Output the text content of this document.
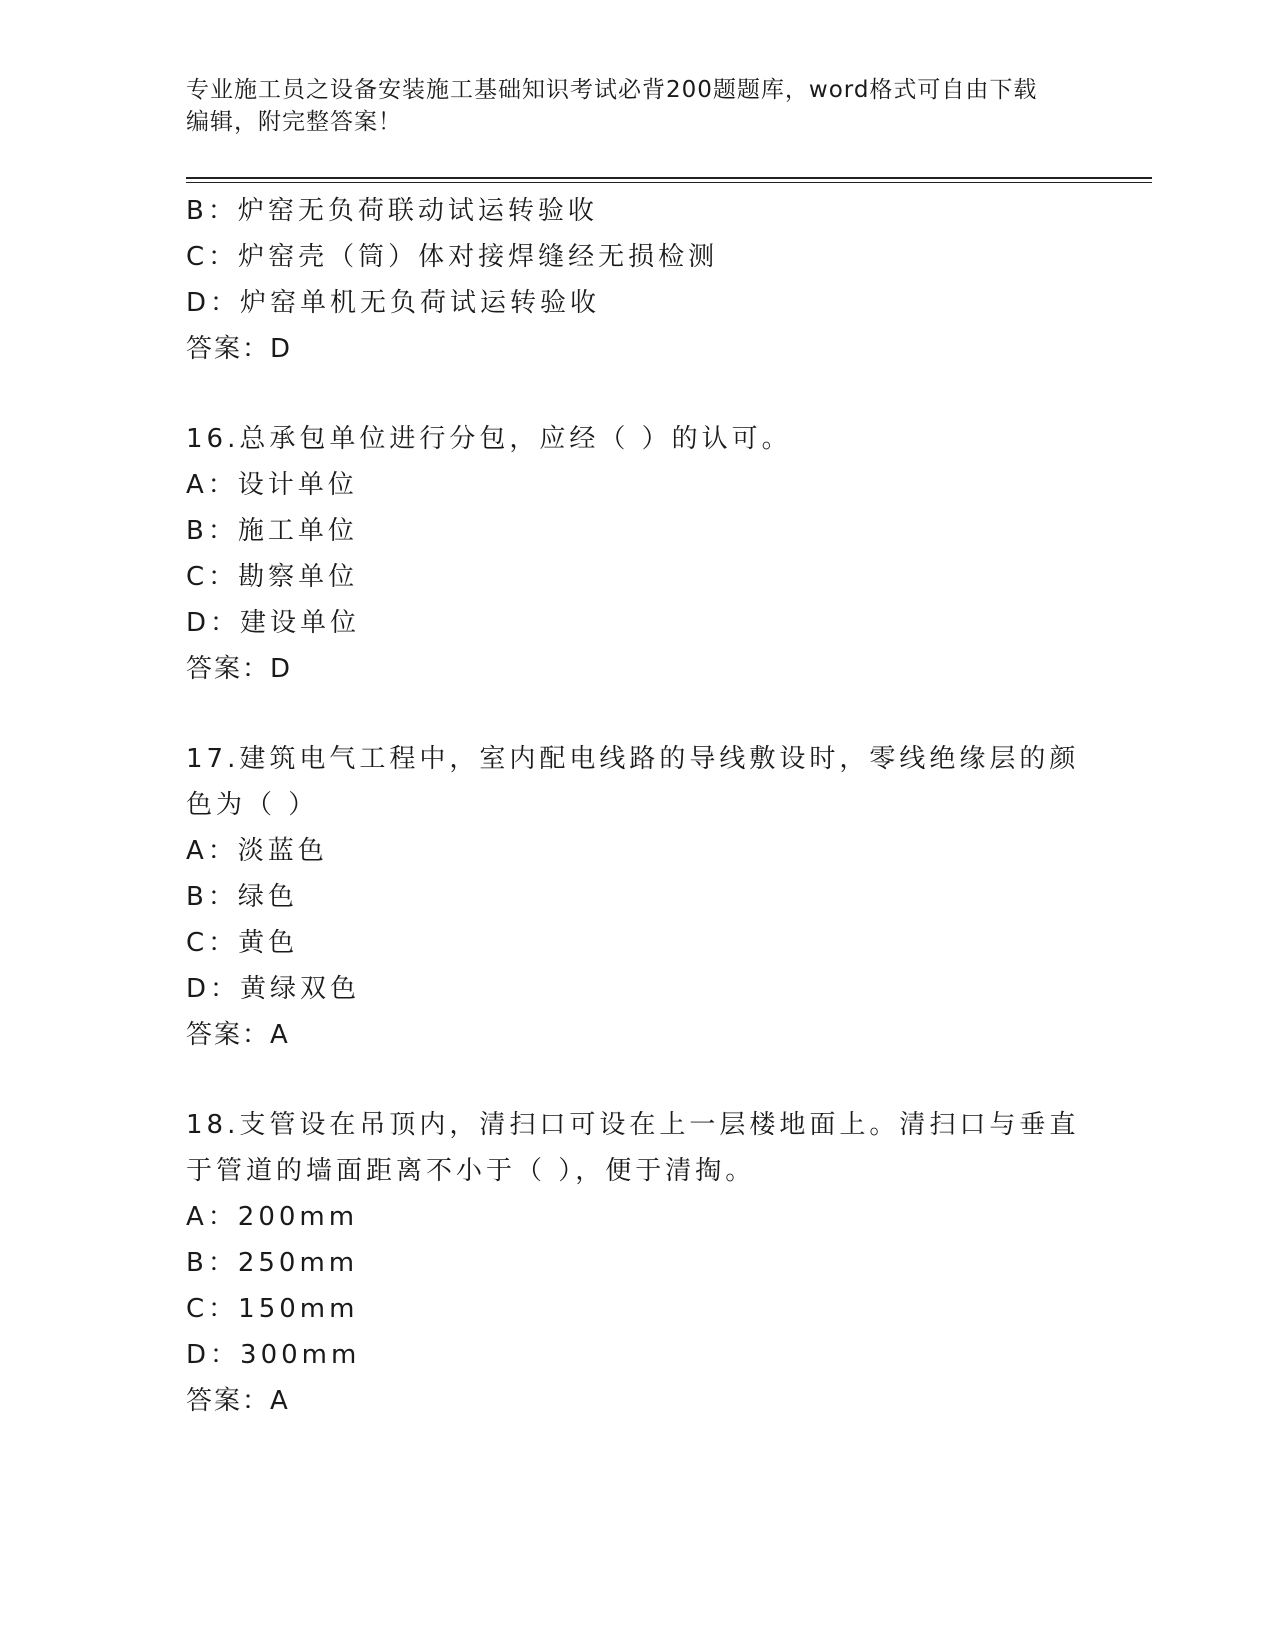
专业施工员之设备安装施工基础知识考试必背200题题库，word格式可自由下载
编辑，附完整答案！
B：炉窑无负荷联动试运转验收
C：炉窑壳（筒）体对接焊缝经无损检测
D：炉窑单机无负荷试运转验收
答案：D
16.总承包单位进行分包，应经（ ）的认可。
A：设计单位
B：施工单位
C：勘察单位
D：建设单位
答案：D
17.建筑电气工程中，室内配电线路的导线敷设时，零线绝缘层的颜色为（ ）
A：淡蓝色
B：绿色
C：黄色
D：黄绿双色
答案：A
18.支管设在吊顶内，清扫口可设在上一层楼地面上。清扫口与垂直于管道的墙面距离不小于（ ），便于清掏。
A：200mm
B：250mm
C：150mm
D：300mm
答案：A
